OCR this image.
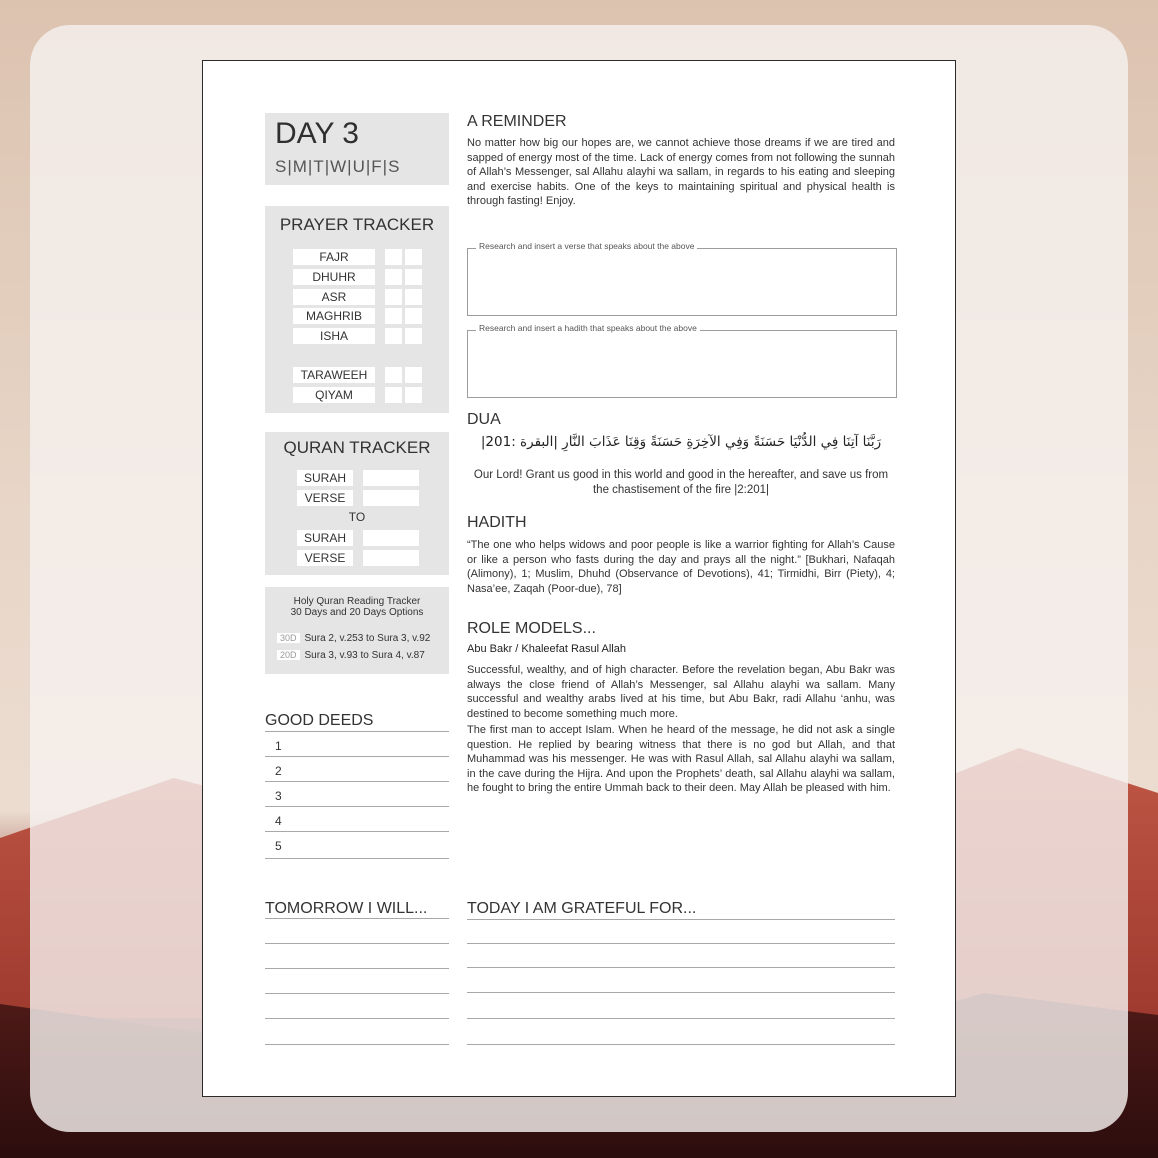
DAY 3
S|M|T|W|U|F|S
PRAYER TRACKER
FAJR
DHUHR
ASR
MAGHRIB
ISHA
TARAWEEH
QIYAM
QURAN TRACKER
SURAH
VERSE
TO
SURAH
VERSE
Holy Quran Reading Tracker
30 Days and 20 Days Options
30D Sura 2, v.253 to Sura 3, v.92
20D Sura 3, v.93 to Sura 4, v.87
GOOD DEEDS
1
2
3
4
5
TOMORROW I WILL... TODAY I AM GRATEFUL FOR...
A REMINDER
No matter how big our hopes are, we cannot achieve those dreams if we are tired and sapped of energy most of the time. Lack of energy comes from not following the sunnah of Allah’s Messenger, sal Allahu alayhi wa sallam, in regards to his eating and sleeping and exercise habits. One of the keys to maintaining spiritual and physical health is through fasting! Enjoy.
Research and insert a verse that speaks about the above
Research and insert a hadith that speaks about the above
DUA
رَبَّنَا آتِنَا فِي الدُّنْيَا حَسَنَةً وَفِي الآخِرَةِ حَسَنَةً وَقِنَا عَذَابَ النَّارِ |البقرة :201|
Our Lord! Grant us good in this world and good in the hereafter, and save us from the chastisement of the fire |2:201|
HADITH
“The one who helps widows and poor people is like a warrior fighting for Allah’s Cause or like a person who fasts during the day and prays all the night.” [Bukhari, Nafaqah (Alimony), 1; Muslim, Dhuhd (Observance of Devotions), 41; Tirmidhi, Birr (Piety), 4; Nasa’ee, Zaqah (Poor-due), 78]
ROLE MODELS...
Abu Bakr / Khaleefat Rasul Allah
Successful, wealthy, and of high character. Before the revelation began, Abu Bakr was always the close friend of Allah’s Messenger, sal Allahu alayhi wa sallam. Many successful and wealthy arabs lived at his time, but Abu Bakr, radi Allahu ‘anhu, was destined to become something much more.
The first man to accept Islam. When he heard of the message, he did not ask a single question. He replied by bearing witness that there is no god but Allah, and that Muhammad was his messenger. He was with Rasul Allah, sal Allahu alayhi wa sallam, in the cave during the Hijra. And upon the Prophets’ death, sal Allahu alayhi wa sallam, he fought to bring the entire Ummah back to their deen. May Allah be pleased with him.
